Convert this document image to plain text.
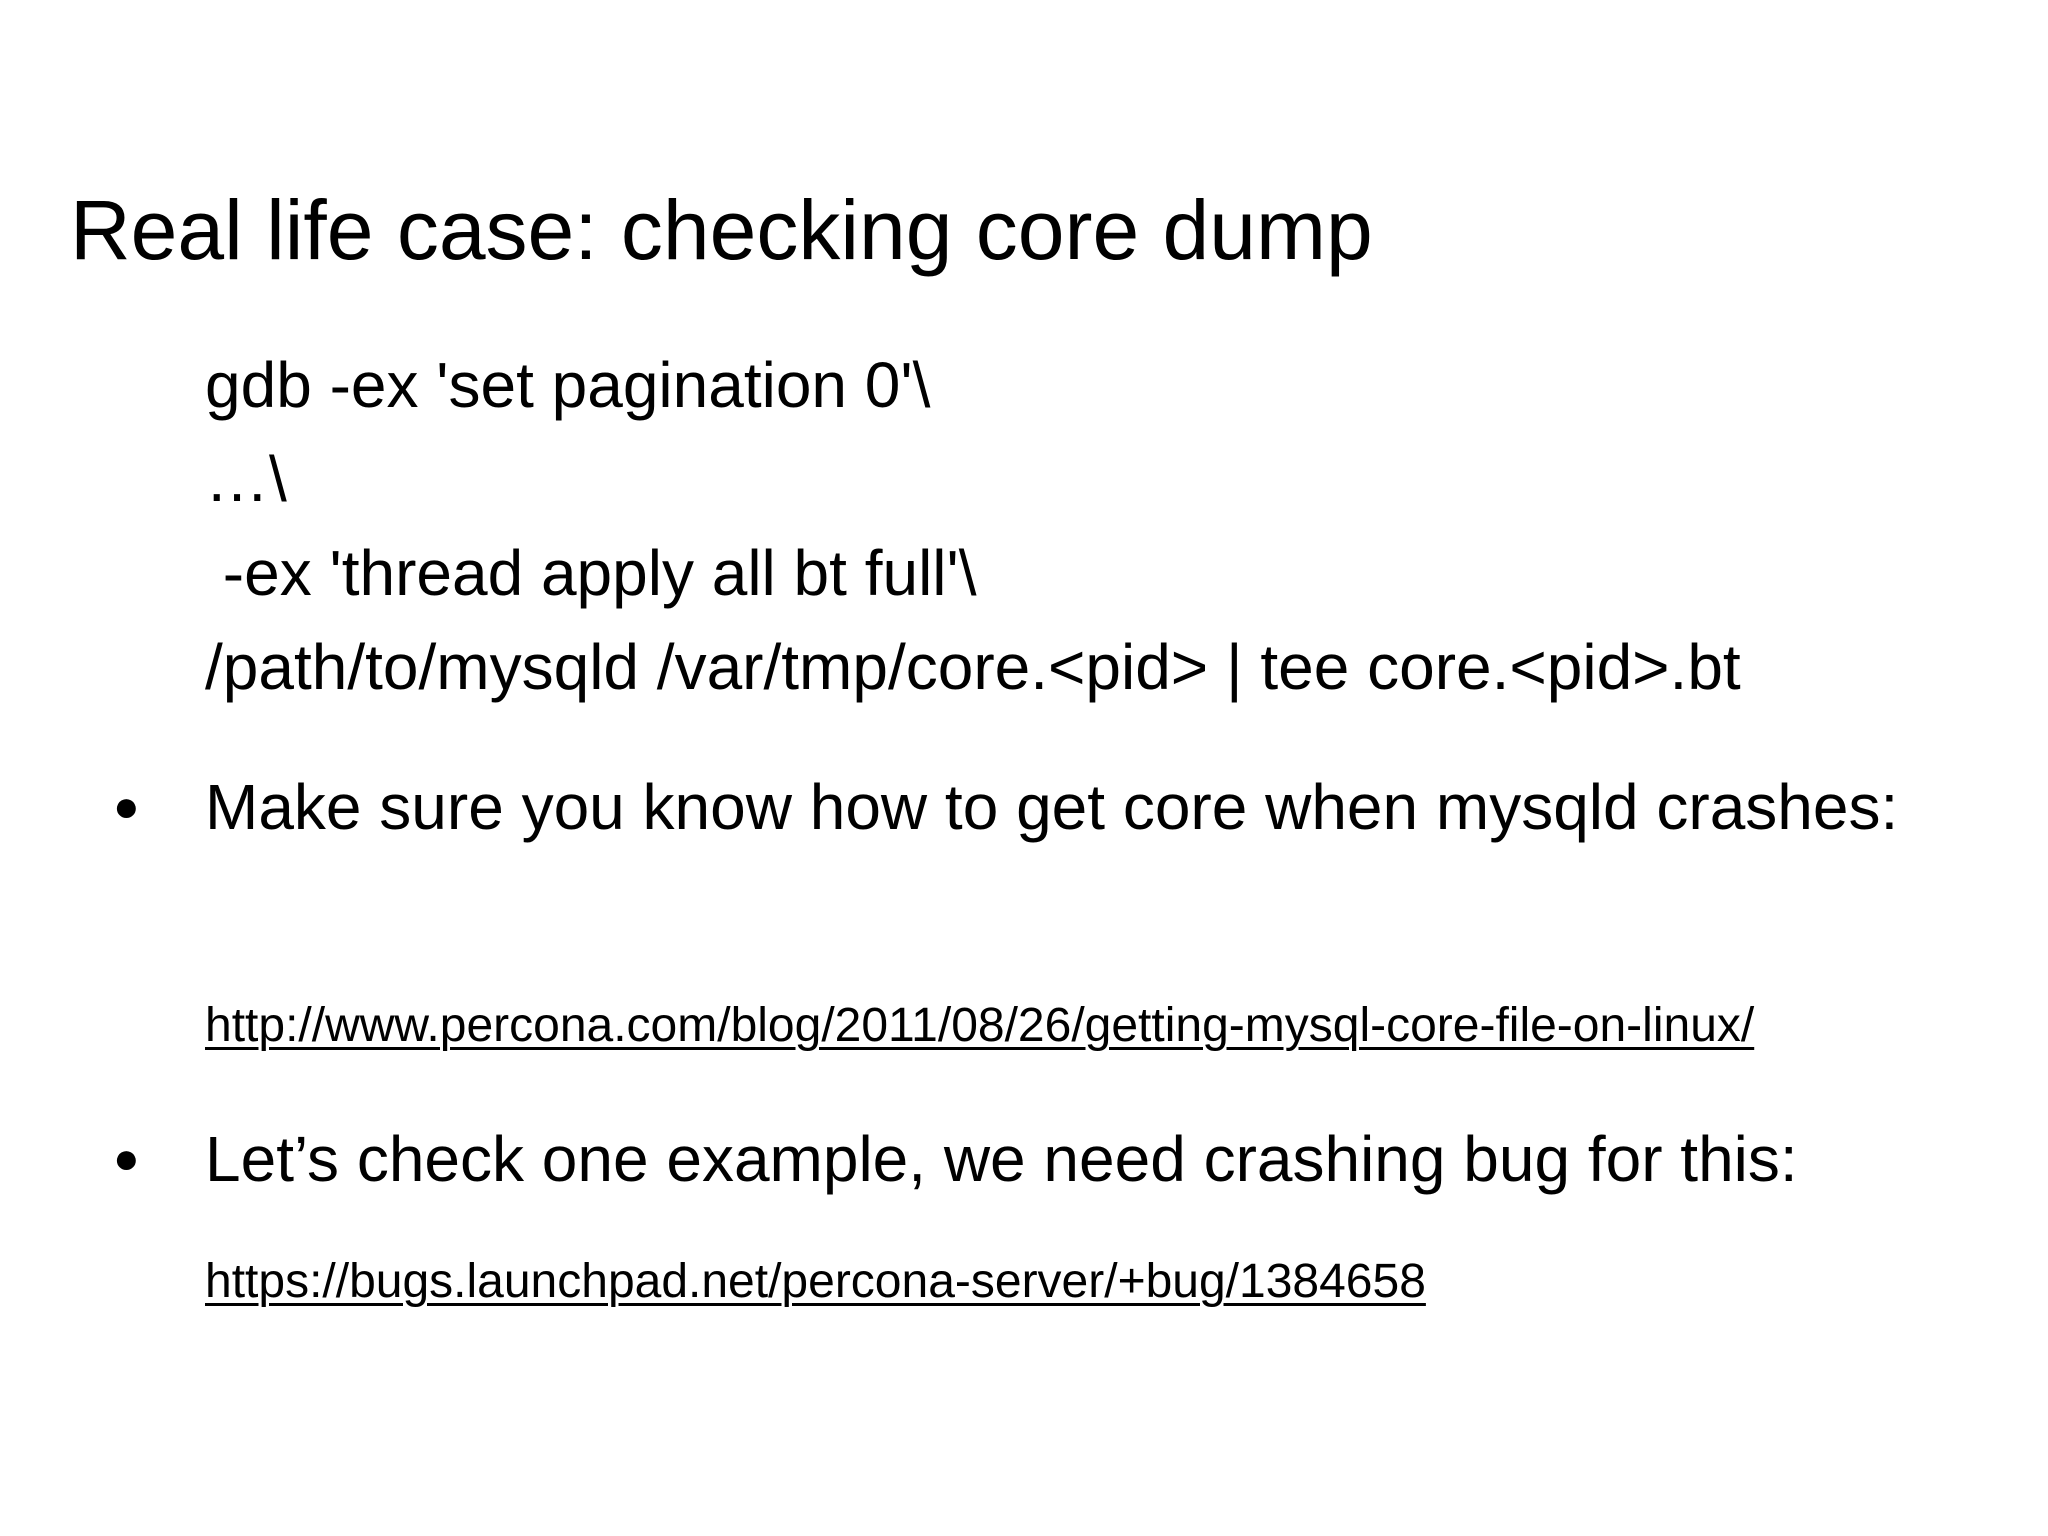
Real life case: checking core dump
gdb -ex 'set pagination 0'\
…\
-ex 'thread apply all bt full'\
/path/to/mysqld /var/tmp/core.<pid> | tee core.<pid>.bt
● Make sure you know how to get core when mysqld crashes:
http://www.percona.com/blog/2011/08/26/getting-mysql-core-file-on-linux/
● Let’s check one example, we need crashing bug for this:
https://bugs.launchpad.net/percona-server/+bug/1384658
